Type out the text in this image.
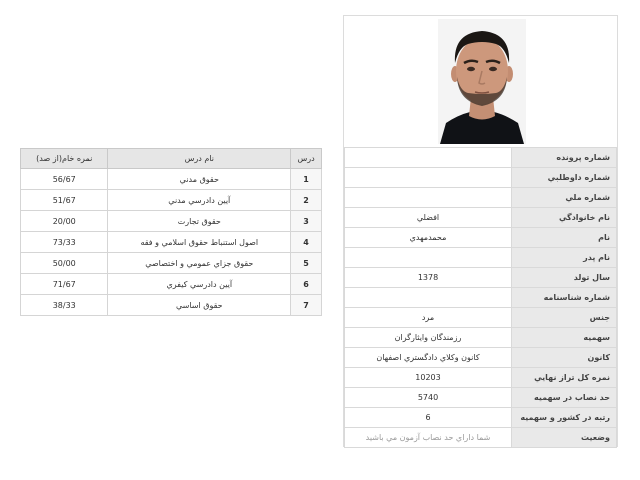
درس	نام درس	نمره خام(از صد)
1	حقوق مدني	56/67
2	آيين دادرسي مدني	51/67
3	حقوق تجارت	20/00
4	اصول استنباط حقوق اسلامي و فقه	73/33
5	حقوق جزاي عمومي و اختصاصي	50/00
6	آيين دادرسي كيفري	71/67
7	حقوق اساسي	38/33
شماره پرونده	
شماره داوطلبي	
شماره ملي	
نام خانوادگي	افضلي
نام	محمدمهدي
نام پدر	
سال تولد	1378
شماره شناسنامه	
جنس	مرد
سهميه	رزمندگان وايثارگران
كانون	كانون وكلاي دادگستري اصفهان
نمره كل تراز نهايي	10203
حد نصاب در سهميه	5740
رتبه در كشور و سهميه	6
وضعيت	شما داراي حد نصاب آزمون مي باشيد
